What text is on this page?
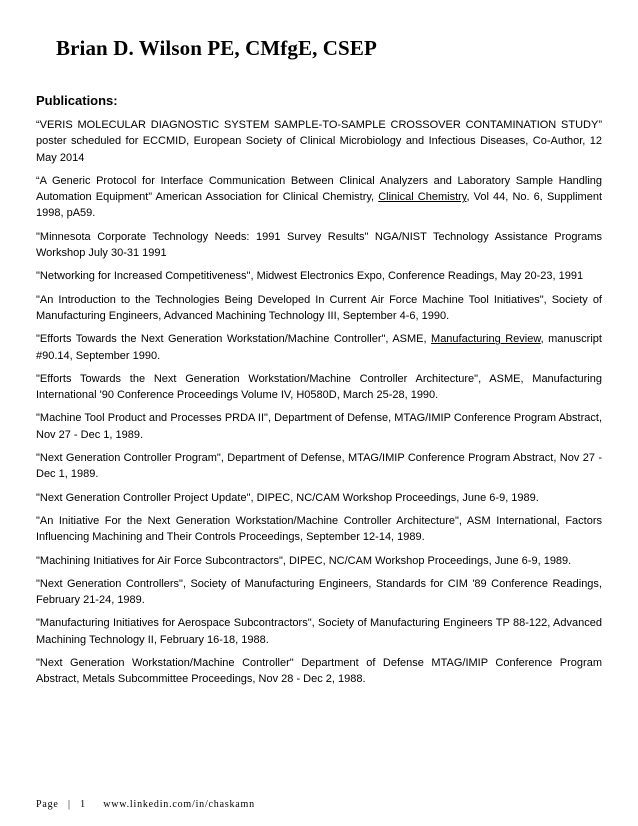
Brian D. Wilson PE, CMfgE, CSEP
Publications:
“VERIS MOLECULAR DIAGNOSTIC SYSTEM SAMPLE-TO-SAMPLE CROSSOVER CONTAMINATION STUDY” poster scheduled for ECCMID, European Society of Clinical Microbiology and Infectious Diseases, Co-Author, 12 May 2014
“A Generic Protocol for Interface Communication Between Clinical Analyzers and Laboratory Sample Handling Automation Equipment” American Association for Clinical Chemistry, Clinical Chemistry, Vol 44, No. 6, Suppliment 1998, pA59.
"Minnesota Corporate Technology Needs: 1991 Survey Results" NGA/NIST Technology Assistance Programs Workshop July 30-31 1991
"Networking for Increased Competitiveness", Midwest Electronics Expo, Conference Readings, May 20-23, 1991
"An Introduction to the Technologies Being Developed In Current Air Force Machine Tool Initiatives", Society of Manufacturing Engineers, Advanced Machining Technology III, September 4-6, 1990.
"Efforts Towards the Next Generation Workstation/Machine Controller", ASME, Manufacturing Review, manuscript #90.14, September 1990.
"Efforts Towards the Next Generation Workstation/Machine Controller Architecture", ASME, Manufacturing International '90 Conference Proceedings Volume IV, H0580D, March 25-28, 1990.
"Machine Tool Product and Processes PRDA II", Department of Defense, MTAG/IMIP Conference Program Abstract, Nov 27 - Dec 1, 1989.
"Next Generation Controller Program", Department of Defense, MTAG/IMIP Conference Program Abstract, Nov 27 - Dec 1, 1989.
"Next Generation Controller Project Update", DIPEC, NC/CAM Workshop Proceedings, June 6-9, 1989.
"An Initiative For the Next Generation Workstation/Machine Controller Architecture", ASM International, Factors Influencing Machining and Their Controls Proceedings, September 12-14, 1989.
"Machining Initiatives for Air Force Subcontractors", DIPEC, NC/CAM Workshop Proceedings, June 6-9, 1989.
"Next Generation Controllers", Society of Manufacturing Engineers, Standards for CIM '89 Conference Readings, February 21-24, 1989.
"Manufacturing Initiatives for Aerospace Subcontractors", Society of Manufacturing Engineers TP 88-122, Advanced Machining Technology II, February 16-18, 1988.
"Next Generation Workstation/Machine Controller" Department of Defense MTAG/IMIP Conference Program Abstract, Metals Subcommittee Proceedings, Nov 28 - Dec 2, 1988.
Page | 1 www.linkedin.com/in/chaskamn
